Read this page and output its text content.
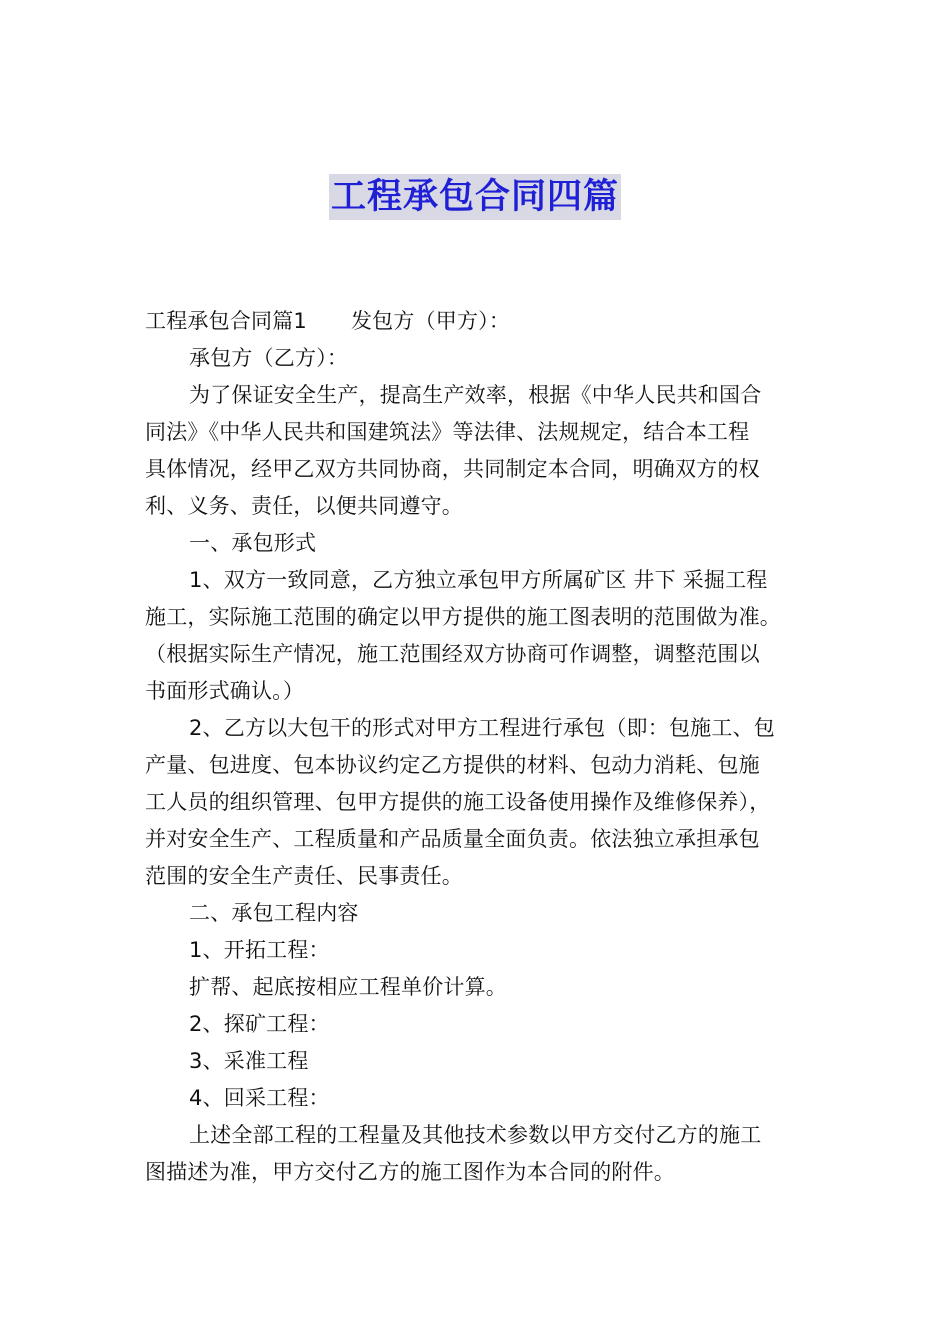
工程承包合同四篇
工程承包合同篇1 发包方（甲方）：
承包方（乙方）：
为了保证安全生产，提高生产效率，根据《中华人民共和国合
同法》《中华人民共和国建筑法》等法律、法规规定，结合本工程
具体情况，经甲乙双方共同协商，共同制定本合同，明确双方的权
利、义务、责任，以便共同遵守。
一、承包形式
1、双方一致同意，乙方独立承包甲方所属矿区 井下 采掘工程
施工，实际施工范围的确定以甲方提供的施工图表明的范围做为准。
（根据实际生产情况，施工范围经双方协商可作调整，调整范围以
书面形式确认。）
2、乙方以大包干的形式对甲方工程进行承包（即：包施工、包
产量、包进度、包本协议约定乙方提供的材料、包动力消耗、包施
工人员的组织管理、包甲方提供的施工设备使用操作及维修保养），
并对安全生产、工程质量和产品质量全面负责。依法独立承担承包
范围的安全生产责任、民事责任。
二、承包工程内容
1、开拓工程：
扩帮、起底按相应工程单价计算。
2、探矿工程：
3、采准工程
4、回采工程：
上述全部工程的工程量及其他技术参数以甲方交付乙方的施工
图描述为准，甲方交付乙方的施工图作为本合同的附件。
